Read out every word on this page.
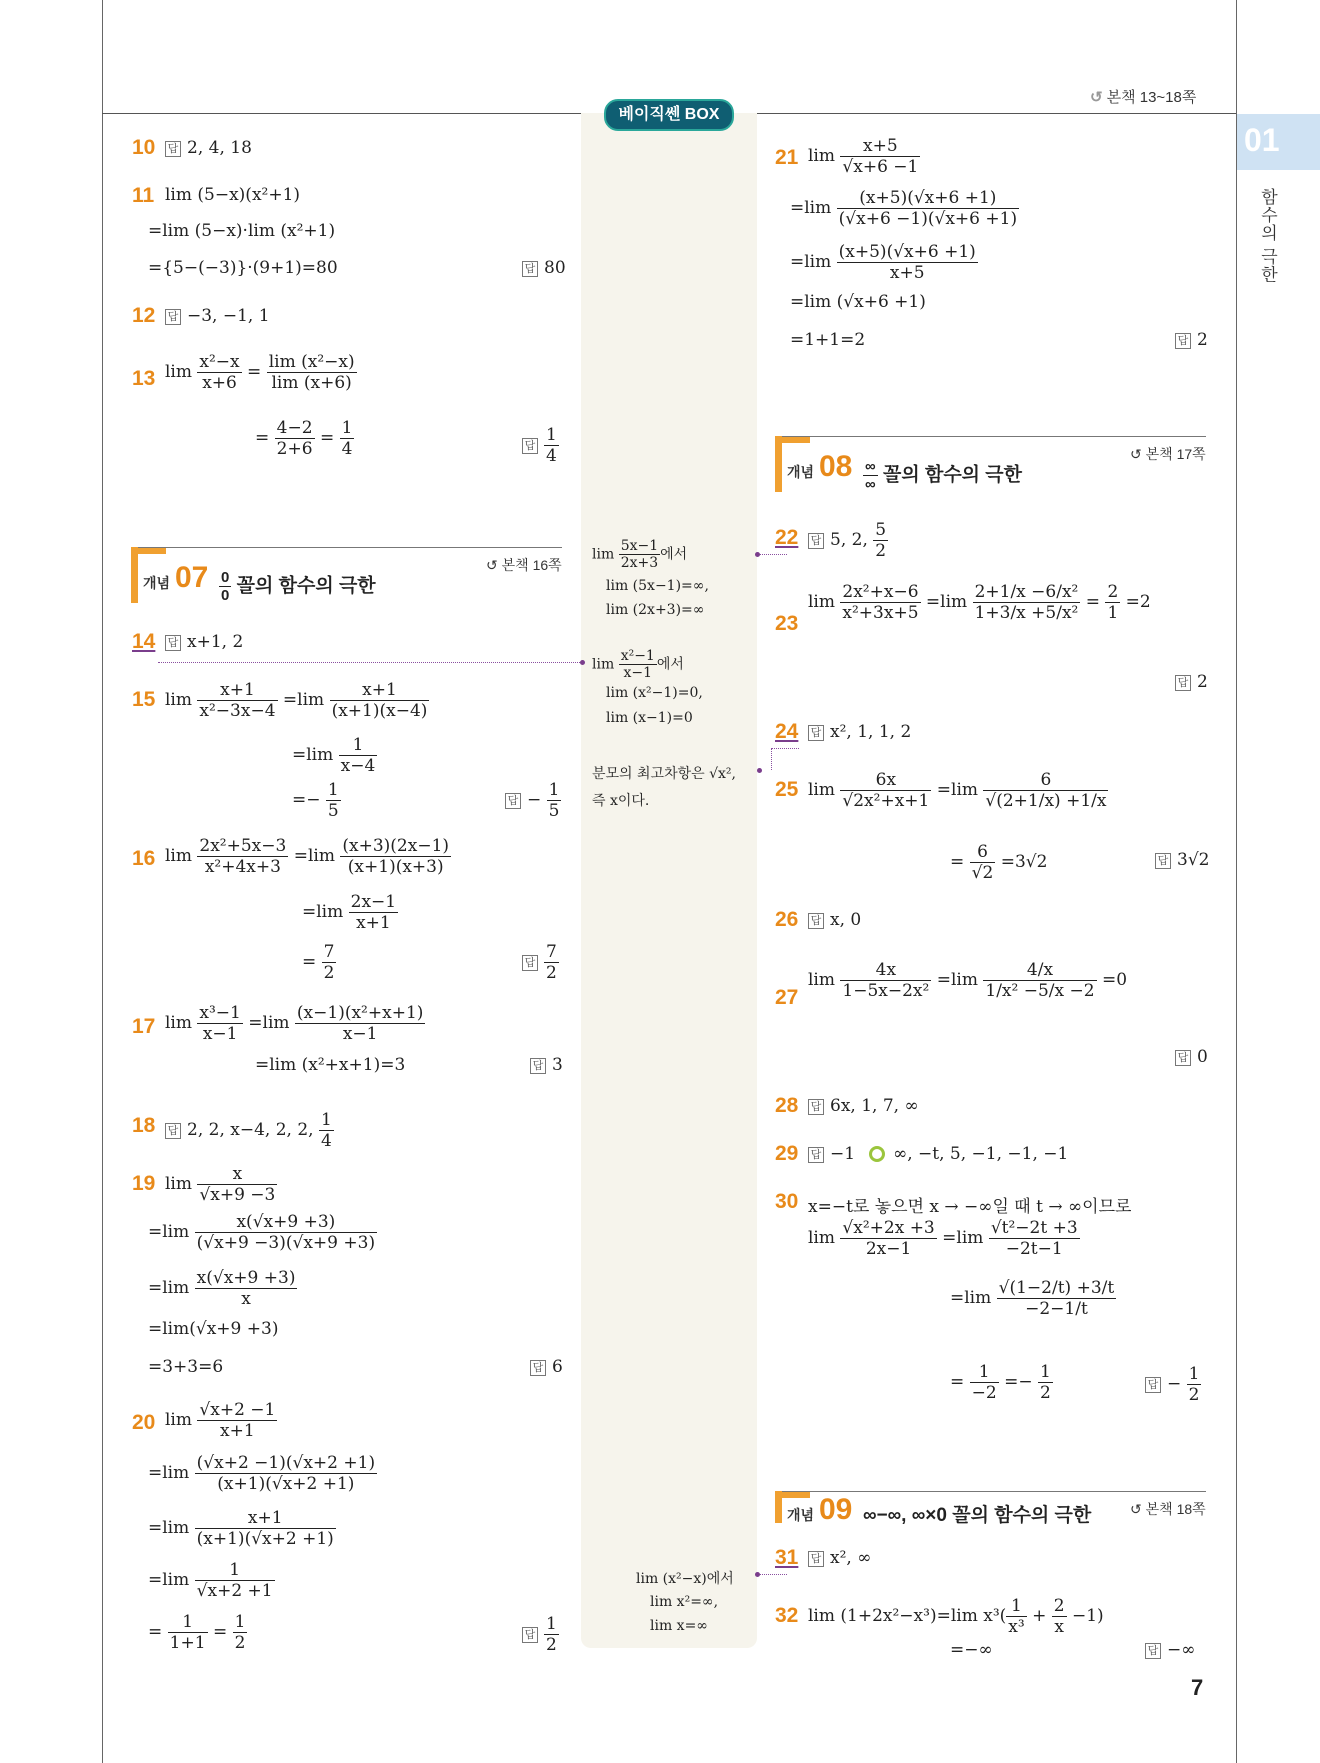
↺ 본책 13~18쪽
01
함수의 극한
베이직쎈 BOX
10 답 2, 4, 18
11 lim (5−x)(x²+1)
=lim (5−x)·lim (x²+1)
={5−(−3)}·(9+1)=80	답 80
12 답 −3, −1, 1
13 $\lim \frac{\text{x²−x}}{x+6} = \frac{\text{lim (x²−x)}}{\lim (x+6)}$
= $\frac{4-2}{2+6} = \frac{1}{4}$	답 $\frac{1}{4}$
개념 $07 \frac{0}{0}$ 꼴의 함수의 극한
↺ 본책 16쪽
14 답 x+1, 2
15 $\lim \frac{x+1}{\text{x²−3x−4}} =\lim \frac{x+1}{(x+1)(x-4)}$
$=\lim \frac{1}{x-4}$
=− $\frac{1}{5}$	답 − $\frac{1}{5}$
16 $\lim \frac{\text{2x²+5x−3}}{\text{x²+4x+3}} =\lim \frac{(x+3)(2x-1)}{(x+1)(x+3)}$
$=\lim \frac{2x-1}{x+1}$
= $\frac{7}{2}$	답 $\frac{7}{2}$
17 $\lim \frac{\text{x³−1}}{x-1} =\lim \frac{\text{(x−1)(x²+x+1)}}{x-1}$
=lim (x²+x+1)=3	답 3
18 답 2, 2, x−4, 2, 2, $\frac{1}{4}$
19 $\lim \frac{x}{√x+9 -3}$
$=\lim \frac{x(√x+9 +3)}{(√x+9 -3)(√x+9 +3)}$
$=\lim \frac{x(√x+9 +3)}{x}$
=lim(√x+9 +3)
=3+3=6	답 6
20 $\lim \frac{√x+2 -1}{x+1}$
$=\lim \frac{(√x+2 -1)(√x+2 +1)}{(x+1)(√x+2 +1)}$
$=\lim \frac{x+1}{(x+1)(√x+2 +1)}$
$=\lim \frac{1}{√x+2 +1}$
= $\frac{1}{1+1} = \frac{1}{2}$	답 $\frac{1}{2}$
$\lim \frac{5x-1}{2x+3}$ 에서
lim (5x−1)=∞,
lim (2x+3)=∞
$\lim \frac{\text{x²−1}}{x-1}$ 에서
lim (x²−1)=0,
lim (x−1)=0
분모의 최고차항은 √x²,
즉 x이다.
lim (x²−x)에서
lim x²=∞,
lim x=∞
21 $\lim \frac{x+5}{√x+6 -1}$
$=\lim \frac{(x+5)(√x+6 +1)}{(√x+6 -1)(√x+6 +1)}$
$=\lim \frac{(x+5)(√x+6 +1)}{x+5}$
=lim (√x+6 +1)
=1+1=2	답 2
개념 $08 \frac{\infty}{\infty}$ 꼴의 함수의 극한
↺ 본책 17쪽
22 답 5, 2, $\frac{5}{2}$
23
$\lim \frac{\text{2x²+x−6}}{\text{x²+3x+5}} =\lim \frac{\text{2+1/x −6/x²}}{\text{1+3/x +5/x²}} = \frac{2}{1} =2$
답 2
24 답 x², 1, 1, 2
25 $\lim \frac{6x}{\text{√2x²+x+1}} =\lim \frac{6}{√(2+1/x) +1/x}$
= $\frac{6}{√2} =3√2$	답 3√2
26 답 x, 0
27
$\lim \frac{4x}{\text{1−5x−2x²}} =\lim \frac{4/x}{\text{1/x² −5/x −2}} =0$
답 0
28 답 6x, 1, 7, ∞
29 답 −1 ∞, −t, 5, −1, −1, −1
30 x=−t로 놓으면 x → −∞일 때 t → ∞이므로
$\lim \frac{\text{√x²+2x +3}}{2x-1} =\lim \frac{\text{√t²−2t +3}}{-2t-1}$
$=\lim \frac{√(1-2/t) +3/t}{-2-1/t}$
= $\frac{1}{-2} =- \frac{1}{2}$	답 − $\frac{1}{2}$
개념 09 ∞−∞, ∞×0 꼴의 함수의 극한	↺ 본책 18쪽
31 답 x², ∞
32 lim (1+2x²−x³)=lim $x^3( \frac{1}{\text{x³}} + \frac{2}{x} -1)$
=−∞	답 −∞
7
